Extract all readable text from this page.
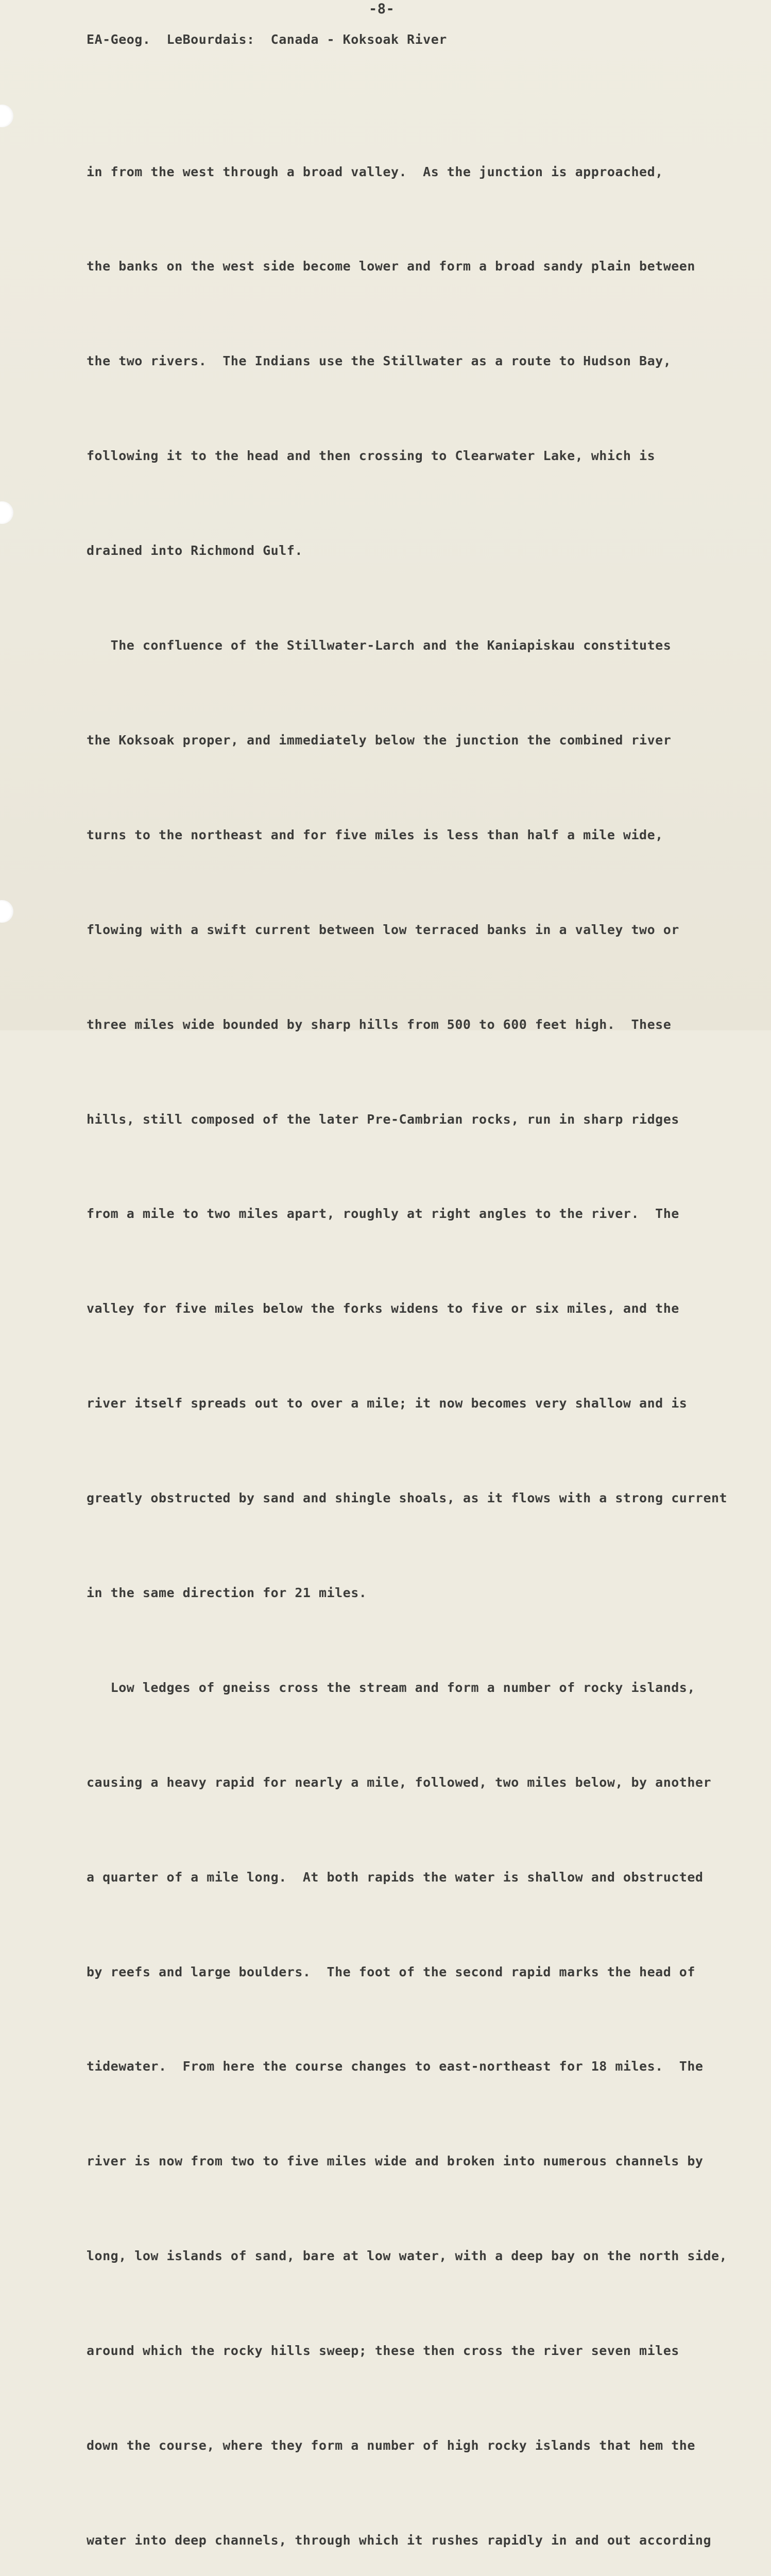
-8-

EA-Geog.  LeBourdais:  Canada - Koksoak River

in from the west through a broad valley.  As the junction is approached,

the banks on the west side become lower and form a broad sandy plain between

the two rivers.  The Indians use the Stillwater as a route to Hudson Bay,

following it to the head and then crossing to Clearwater Lake, which is

drained into Richmond Gulf.

The confluence of the Stillwater-Larch and the Kaniapiskau constitutes

the Koksoak proper, and immediately below the junction the combined river

turns to the northeast and for five miles is less than half a mile wide,

flowing with a swift current between low terraced banks in a valley two or

three miles wide bounded by sharp hills from 500 to 600 feet high.  These

hills, still composed of the later Pre-Cambrian rocks, run in sharp ridges

from a mile to two miles apart, roughly at right angles to the river.  The

valley for five miles below the forks widens to five or six miles, and the

river itself spreads out to over a mile; it now becomes very shallow and is

greatly obstructed by sand and shingle shoals, as it flows with a strong current

in the same direction for 21 miles.

Low ledges of gneiss cross the stream and form a number of rocky islands,

causing a heavy rapid for nearly a mile, followed, two miles below, by another

a quarter of a mile long.  At both rapids the water is shallow and obstructed

by reefs and large boulders.  The foot of the second rapid marks the head of

tidewater.  From here the course changes to east-northeast for 18 miles.  The

river is now from two to five miles wide and broken into numerous channels by

long, low islands of sand, bare at low water, with a deep bay on the north side,

around which the rocky hills sweep; these then cross the river seven miles

down the course, where they form a number of high rocky islands that hem the

water into deep channels, through which it rushes rapidly in and out according
